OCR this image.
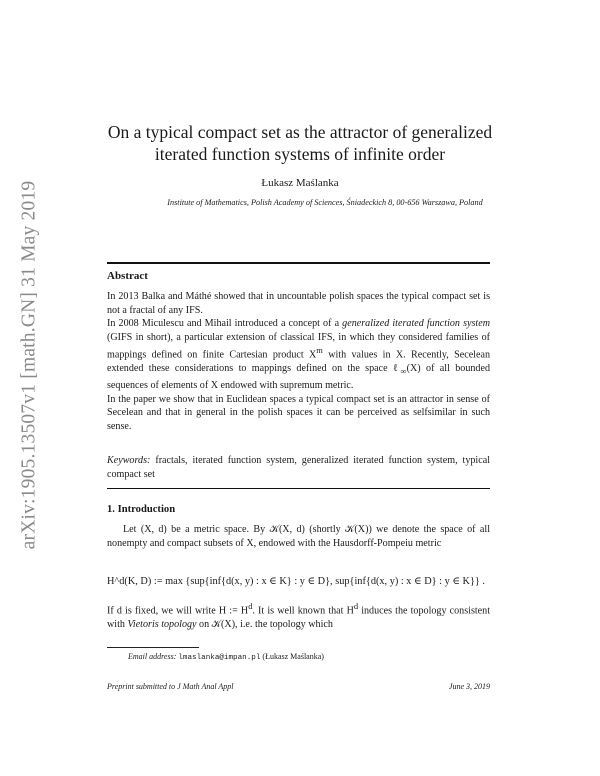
arXiv:1905.13507v1 [math.GN] 31 May 2019
On a typical compact set as the attractor of generalized iterated function systems of infinite order
Łukasz Maślanka
Institute of Mathematics, Polish Academy of Sciences, Śniadeckich 8, 00-656 Warszawa, Poland
Abstract

In 2013 Balka and Máthé showed that in uncountable polish spaces the typical compact set is not a fractal of any IFS.

In 2008 Miculescu and Mihail introduced a concept of a generalized iterated function system (GIFS in short), a particular extension of classical IFS, in which they considered families of mappings defined on finite Cartesian product $X^m$ with values in X. Recently, Secelean extended these considerations to mappings defined on the space ℓ$_\infty$(X) of all bounded sequences of elements of X endowed with supremum metric.

In the paper we show that in Euclidean spaces a typical compact set is an attractor in sense of Secelean and that in general in the polish spaces it can be perceived as selfsimilar in such sense.

Keywords: fractals, iterated function system, generalized iterated function system, typical compact set
1. Introduction

Let (X, d) be a metric space. By 𝒦(X, d) (shortly 𝒦(X)) we denote the space of all nonempty and compact subsets of X, endowed with the Hausdorff-Pompeiu metric

H^d(K, D) := max {sup{inf{d(x, y) : x ∈ K} : y ∈ D}, sup{inf{d(x, y) : x ∈ D} : y ∈ K}} .

If d is fixed, we will write H := $H^d$. It is well known that $H^d$ induces the topology consistent with Vietoris topology on 𝒦(X), i.e. the topology which

Email address: lmaslanka@impan.pl (Łukasz Maślanka)
Preprint submitted to J Math Anal Appl	June 3, 2019
